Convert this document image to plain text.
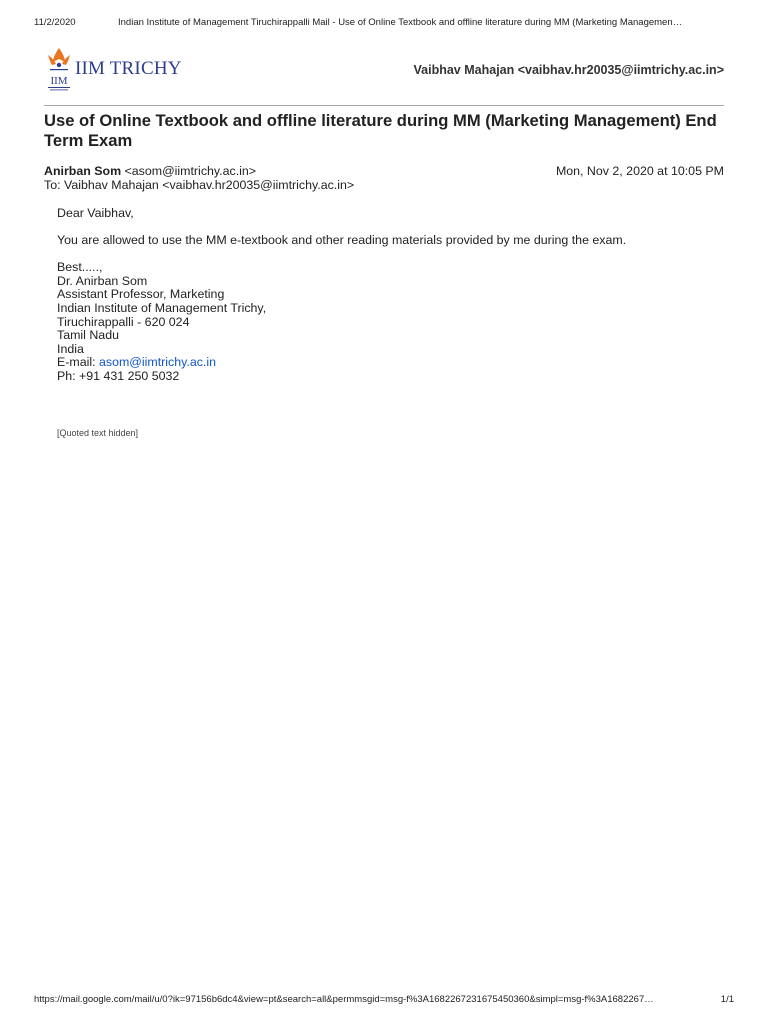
11/2/2020	Indian Institute of Management Tiruchirappalli Mail - Use of Online Textbook and offline literature during MM (Marketing Managemen…
IIM
IIM TRICHY	Vaibhav Mahajan <vaibhav.hr20035@iimtrichy.ac.in>
Use of Online Textbook and offline literature during MM (Marketing Management) End Term Exam
Anirban Som <asom@iimtrichy.ac.in>	Mon, Nov 2, 2020 at 10:05 PM
To: Vaibhav Mahajan <vaibhav.hr20035@iimtrichy.ac.in>

Dear Vaibhav,

You are allowed to use the MM e-textbook and other reading materials provided by me during the exam.

Best.....,

Dr. Anirban Som

Assistant Professor, Marketing

Indian Institute of Management Trichy,

Tiruchirappalli - 620 024

Tamil Nadu

India

E-mail: asom@iimtrichy.ac.in

Ph: +91 431 250 5032

[Quoted text hidden]
https://mail.google.com/mail/u/0?ik=97156b6dc4&view=pt&search=all&permmsgid=msg-f%3A1682267231675450360&simpl=msg-f%3A1682267…	1/1
